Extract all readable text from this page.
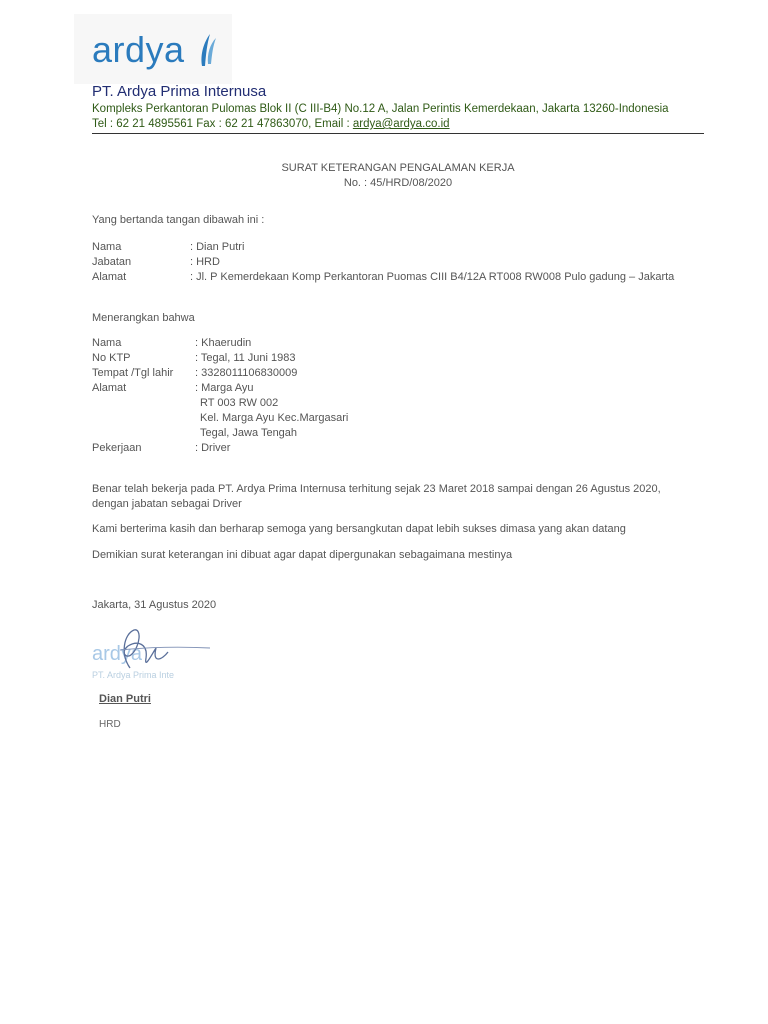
ardya
PT. Ardya Prima Internusa
Kompleks Perkantoran Pulomas Blok II (C III-B4) No.12 A, Jalan Perintis Kemerdekaan, Jakarta 13260-Indonesia
Tel : 62 21 4895561 Fax : 62 21 47863070, Email : ardya@ardya.co.id
SURAT KETERANGAN PENGALAMAN KERJA
No. : 45/HRD/08/2020
Yang bertanda tangan dibawah ini :
Nama	: Dian Putri
Jabatan	: HRD
Alamat	: Jl. P Kemerdekaan Komp Perkantoran Puomas CIII B4/12A RT008 RW008 Pulo gadung – Jakarta
Menerangkan bahwa
Nama	: Khaerudin
No KTP	: Tegal, 11 Juni 1983
Tempat /Tgl lahir : 3328011106830009
Alamat	: Marga Ayu
RT 003 RW 002
Kel. Marga Ayu Kec.Margasari
Tegal, Jawa Tengah
Pekerjaan	: Driver
Benar telah bekerja pada PT. Ardya Prima Internusa terhitung sejak 23 Maret 2018 sampai dengan 26 Agustus 2020,
dengan jabatan sebagai Driver
Kami berterima kasih dan berharap semoga yang bersangkutan dapat lebih sukses dimasa yang akan datang
Demikian surat keterangan ini dibuat agar dapat dipergunakan sebagaimana mestinya
Jakarta, 31 Agustus 2020
ardya
PT. Ardya Prima Inte
Dian Putri
HRD
